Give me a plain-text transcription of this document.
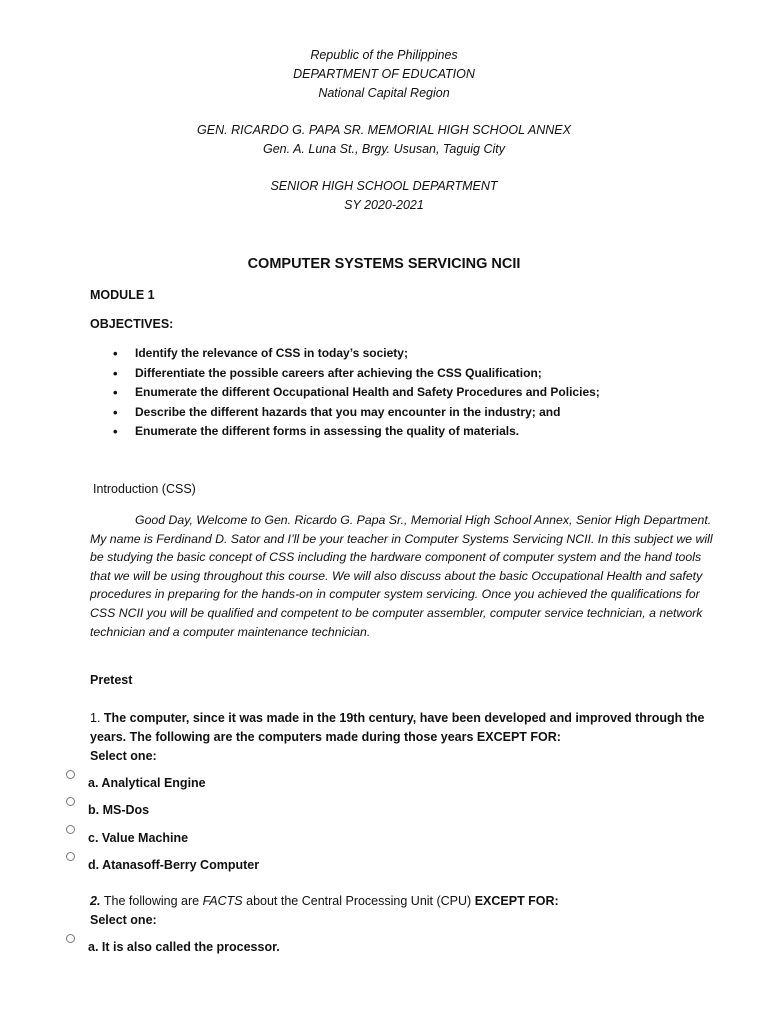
Republic of the Philippines
DEPARTMENT OF EDUCATION
National Capital Region
GEN. RICARDO G. PAPA SR. MEMORIAL HIGH SCHOOL ANNEX
Gen. A. Luna St., Brgy. Ususan, Taguig City
SENIOR HIGH SCHOOL DEPARTMENT
SY 2020-2021
COMPUTER SYSTEMS SERVICING NCII
MODULE 1
OBJECTIVES:
• Identify the relevance of CSS in today’s society;
• Differentiate the possible careers after achieving the CSS Qualification;
• Enumerate the different Occupational Health and Safety Procedures and Policies;
• Describe the different hazards that you may encounter in the industry; and
• Enumerate the different forms in assessing the quality of materials.
Introduction (CSS)

Good Day, Welcome to Gen. Ricardo G. Papa Sr., Memorial High School Annex, Senior High Department. My name is Ferdinand D. Sator and I’ll be your teacher in Computer Systems Servicing NCII. In this subject we will be studying the basic concept of CSS including the hardware component of computer system and the hand tools that we will be using throughout this course. We will also discuss about the basic Occupational Health and safety procedures in preparing for the hands-on in computer system servicing. Once you achieved the qualifications for CSS NCII you will be qualified and competent to be computer assembler, computer service technician, a network technician and a computer maintenance technician.

Pretest

1. The computer, since it was made in the 19th century, have been developed and improved through the years. The following are the computers made during those years EXCEPT FOR:
Select one:

a. Analytical Engine
b. MS-Dos
c. Value Machine
d. Atanasoff-Berry Computer

2. The following are FACTS about the Central Processing Unit (CPU) EXCEPT FOR:
Select one:

a. It is also called the processor.
